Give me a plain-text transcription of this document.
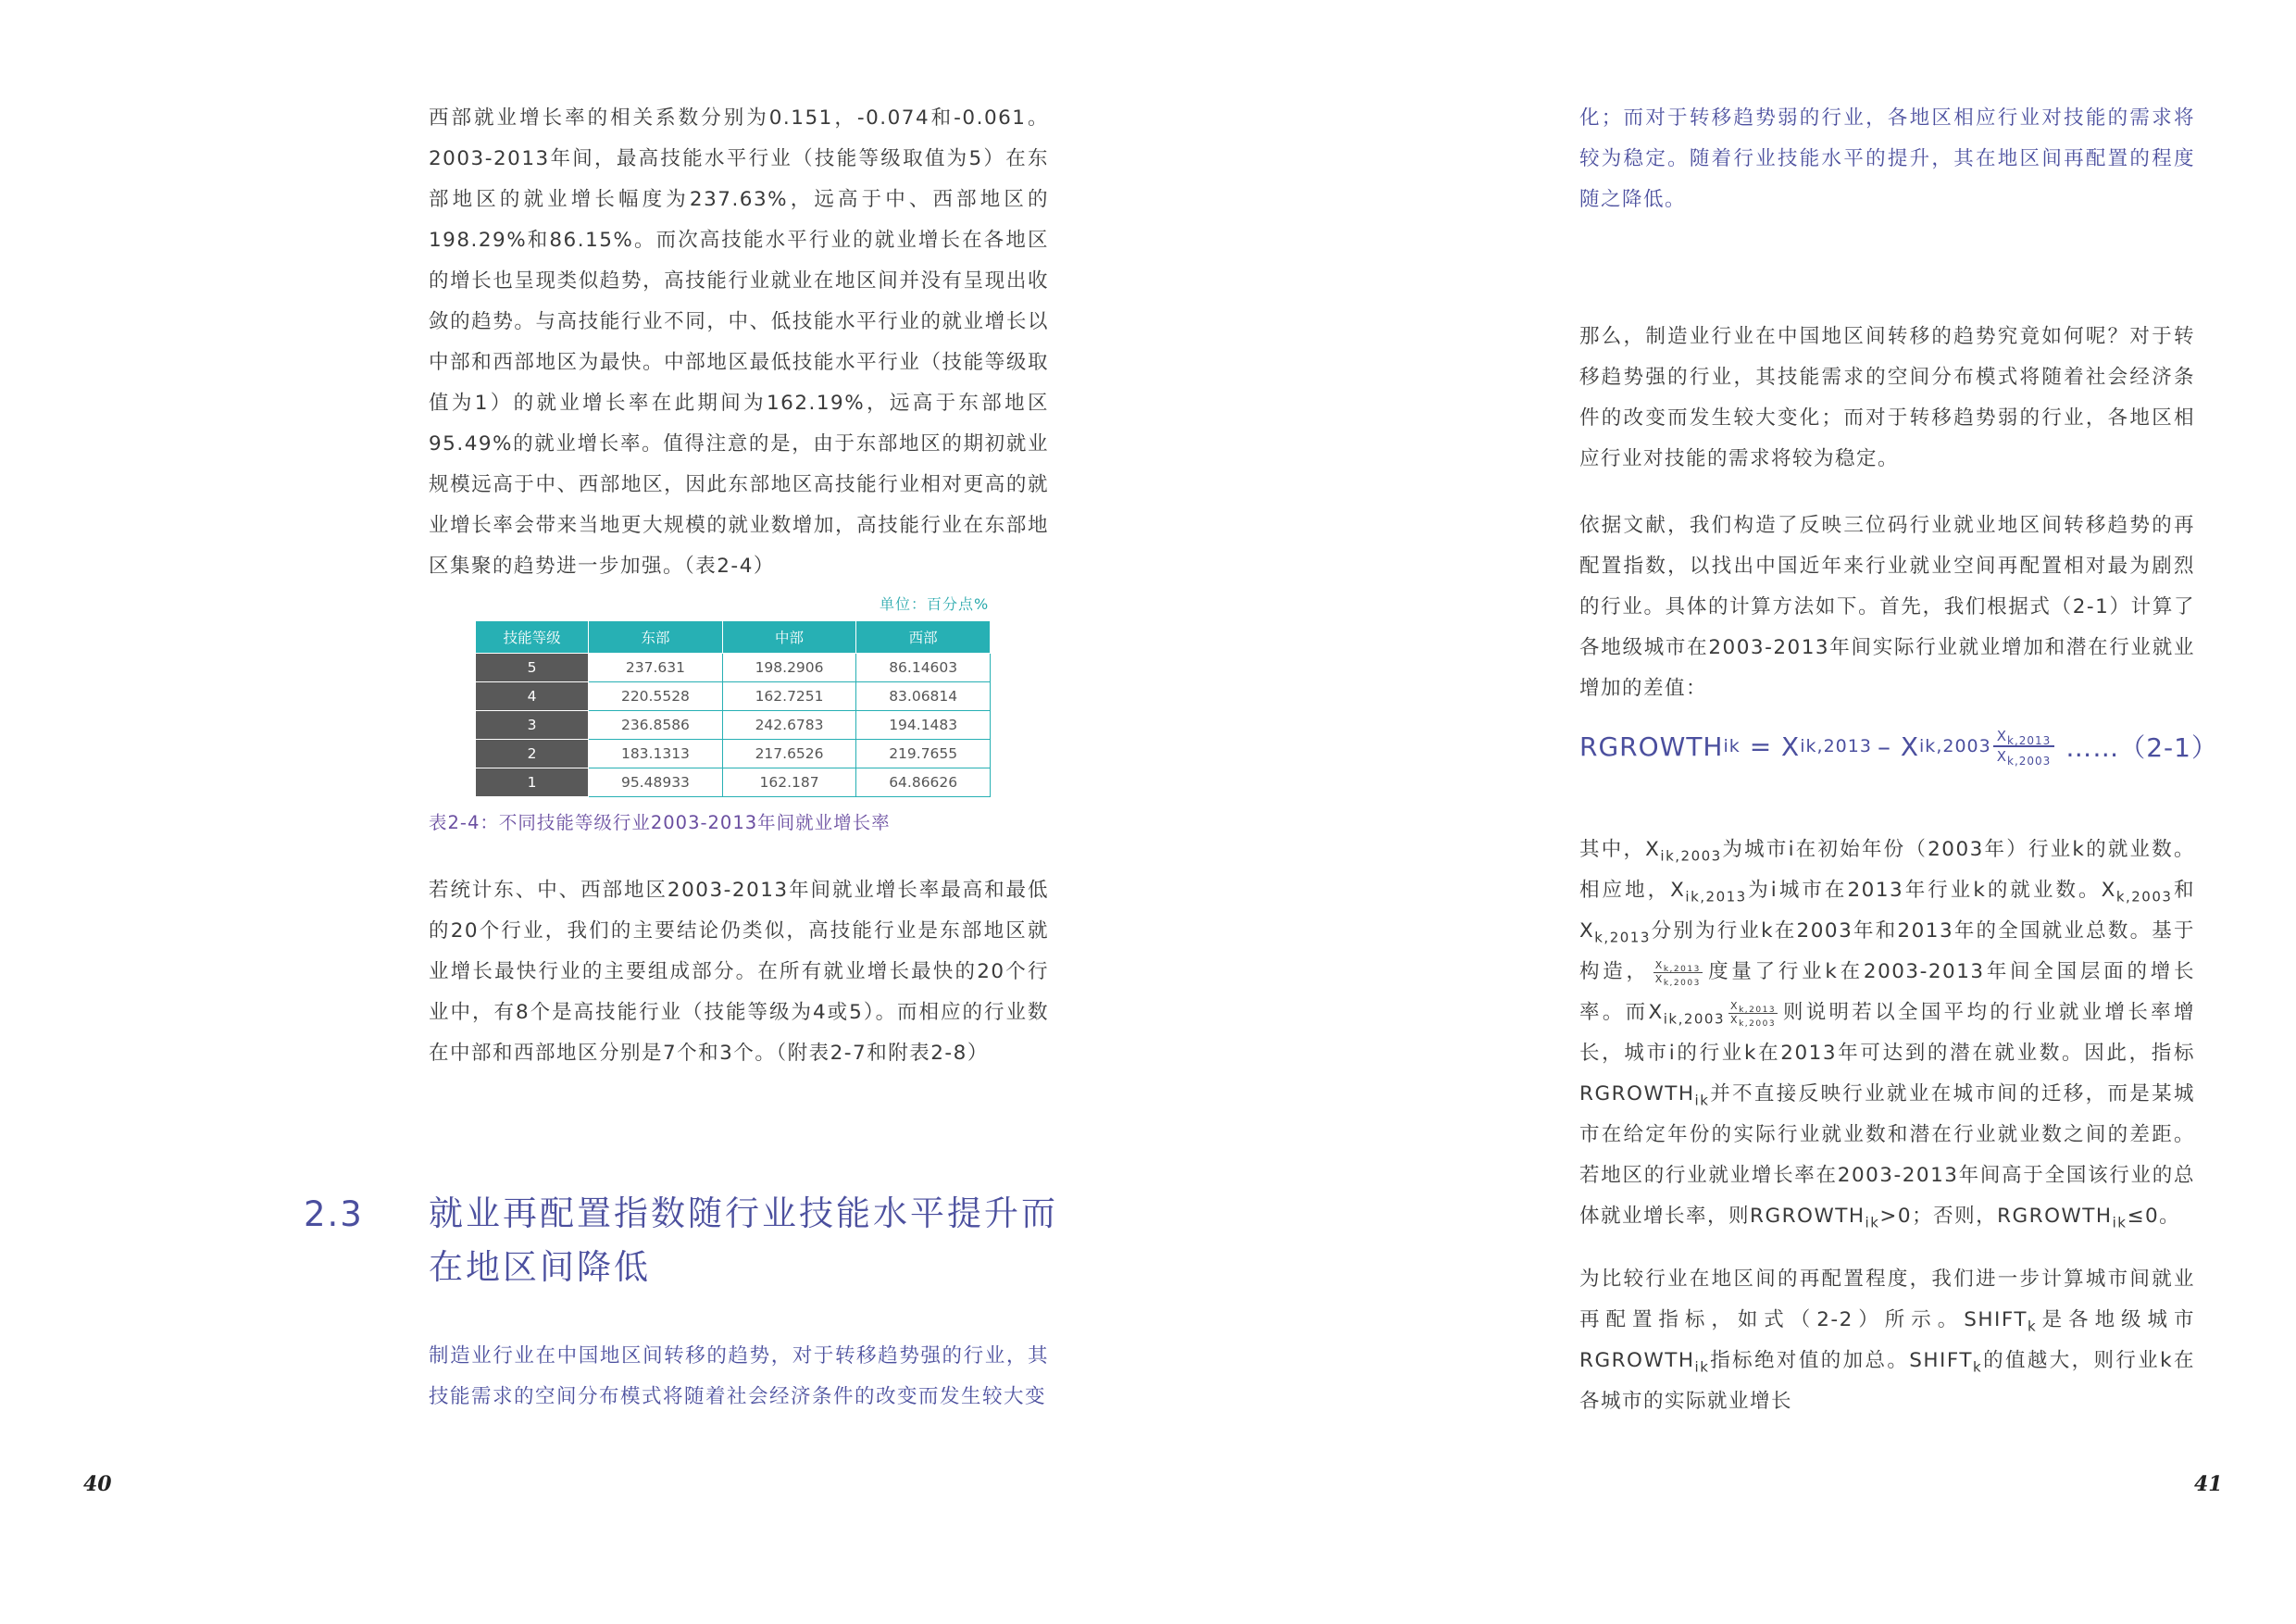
西部就业增长率的相关系数分别为0.151，-0.074和-0.061。2003-2013年间，最高技能水平行业（技能等级取值为5）在东部地区的就业增长幅度为237.63%，远高于中、西部地区的198.29%和86.15%。而次高技能水平行业的就业增长在各地区的增长也呈现类似趋势，高技能行业就业在地区间并没有呈现出收敛的趋势。与高技能行业不同，中、低技能水平行业的就业增长以中部和西部地区为最快。中部地区最低技能水平行业（技能等级取值为1）的就业增长率在此期间为162.19%，远高于东部地区95.49%的就业增长率。值得注意的是，由于东部地区的期初就业规模远高于中、西部地区，因此东部地区高技能行业相对更高的就业增长率会带来当地更大规模的就业数增加，高技能行业在东部地区集聚的趋势进一步加强。（表2-4）

单位：百分点%
技能等级	东部	中部	西部
5	237.631	198.2906	86.14603
4	220.5528	162.7251	83.06814
3	236.8586	242.6783	194.1483
2	183.1313	217.6526	219.7655
1	95.48933	162.187	64.86626
表2-4：不同技能等级行业2003-2013年间就业增长率

若统计东、中、西部地区2003-2013年间就业增长率最高和最低的20个行业，我们的主要结论仍类似，高技能行业是东部地区就业增长最快行业的主要组成部分。在所有就业增长最快的20个行业中，有8个是高技能行业（技能等级为4或5）。而相应的行业数在中部和西部地区分别是7个和3个。（附表2-7和附表2-8）

2.3 就业再配置指数随行业技能水平提升而在地区间降低

制造业行业在中国地区间转移的趋势，对于转移趋势强的行业，其技能需求的空间分布模式将随着社会经济条件的改变而发生较大变

40

化；而对于转移趋势弱的行业，各地区相应行业对技能的需求将较为稳定。随着行业技能水平的提升，其在地区间再配置的程度随之降低。

那么，制造业行业在中国地区间转移的趋势究竟如何呢？对于转移趋势强的行业，其技能需求的空间分布模式将随着社会经济条件的改变而发生较大变化；而对于转移趋势弱的行业，各地区相应行业对技能的需求将较为稳定。

依据文献，我们构造了反映三位码行业就业地区间转移趋势的再配置指数，以找出中国近年来行业就业空间再配置相对最为剧烈的行业。具体的计算方法如下。首先，我们根据式（2-1）计算了各地级城市在2003-2013年间实际行业就业增加和潜在行业就业增加的差值：

RGROWTH ik = X ik,2013 – X $ik,2003 \frac{X_{k,2013}}{X_{k,2003}}$ ……（2-1）

其中，$X_{ik,2003}$为城市i在初始年份（2003年）行业k的就业数。相应地，$X_{ik,2013}$为i城市在2013年行业k的就业数。$X_{k,2003}$和$X_{k,2013}$分别为行业k在2003年和2013年的全国就业总数。基于构造， $\frac{X_{k,2013}}{X_{k,2003}}$ 度量了行业k在2003-2013年间全国层面的增长率。而$X_{ik,2003} \frac{X_{k,2013}}{X_{k,2003}}$ 则说明若以全国平均的行业就业增长率增长，城市i的行业k在2013年可达到的潜在就业数。因此，指标$RGROWTH_{ik}$并不直接反映行业就业在城市间的迁移，而是某城市在给定年份的实际行业就业数和潜在行业就业数之间的差距。若地区的行业就业增长率在2003-2013年间高于全国该行业的总体就业增长率，则$RGROWTH_{ik}>0$；否则，$RGROWTH_{ik}\le 0$。

为比较行业在地区间的再配置程度，我们进一步计算城市间就业再配置指标，如式（2-2）所示。$SHIFT_k$是各地级城市$RGROWTH_{ik}$指标绝对值的加总。$SHIFT_k$的值越大，则行业k在各城市的实际就业增长

41
